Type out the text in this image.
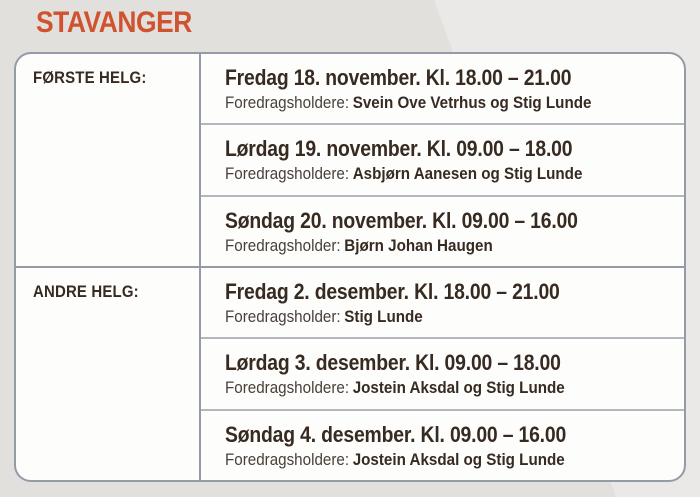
STAVANGER
FØRSTE HELG:	Fredag 18. november. Kl. 18.00 – 21.00
Foredragsholdere: Svein Ove Vetrhus og Stig Lunde
Lørdag 19. november. Kl. 09.00 – 18.00
Foredragsholdere: Asbjørn Aanesen og Stig Lunde
Søndag 20. november. Kl. 09.00 – 16.00
Foredragsholder: Bjørn Johan Haugen
ANDRE HELG:	Fredag 2. desember. Kl. 18.00 – 21.00
Foredragsholder: Stig Lunde
Lørdag 3. desember. Kl. 09.00 – 18.00
Foredragsholdere: Jostein Aksdal og Stig Lunde
Søndag 4. desember. Kl. 09.00 – 16.00
Foredragsholdere: Jostein Aksdal og Stig Lunde
